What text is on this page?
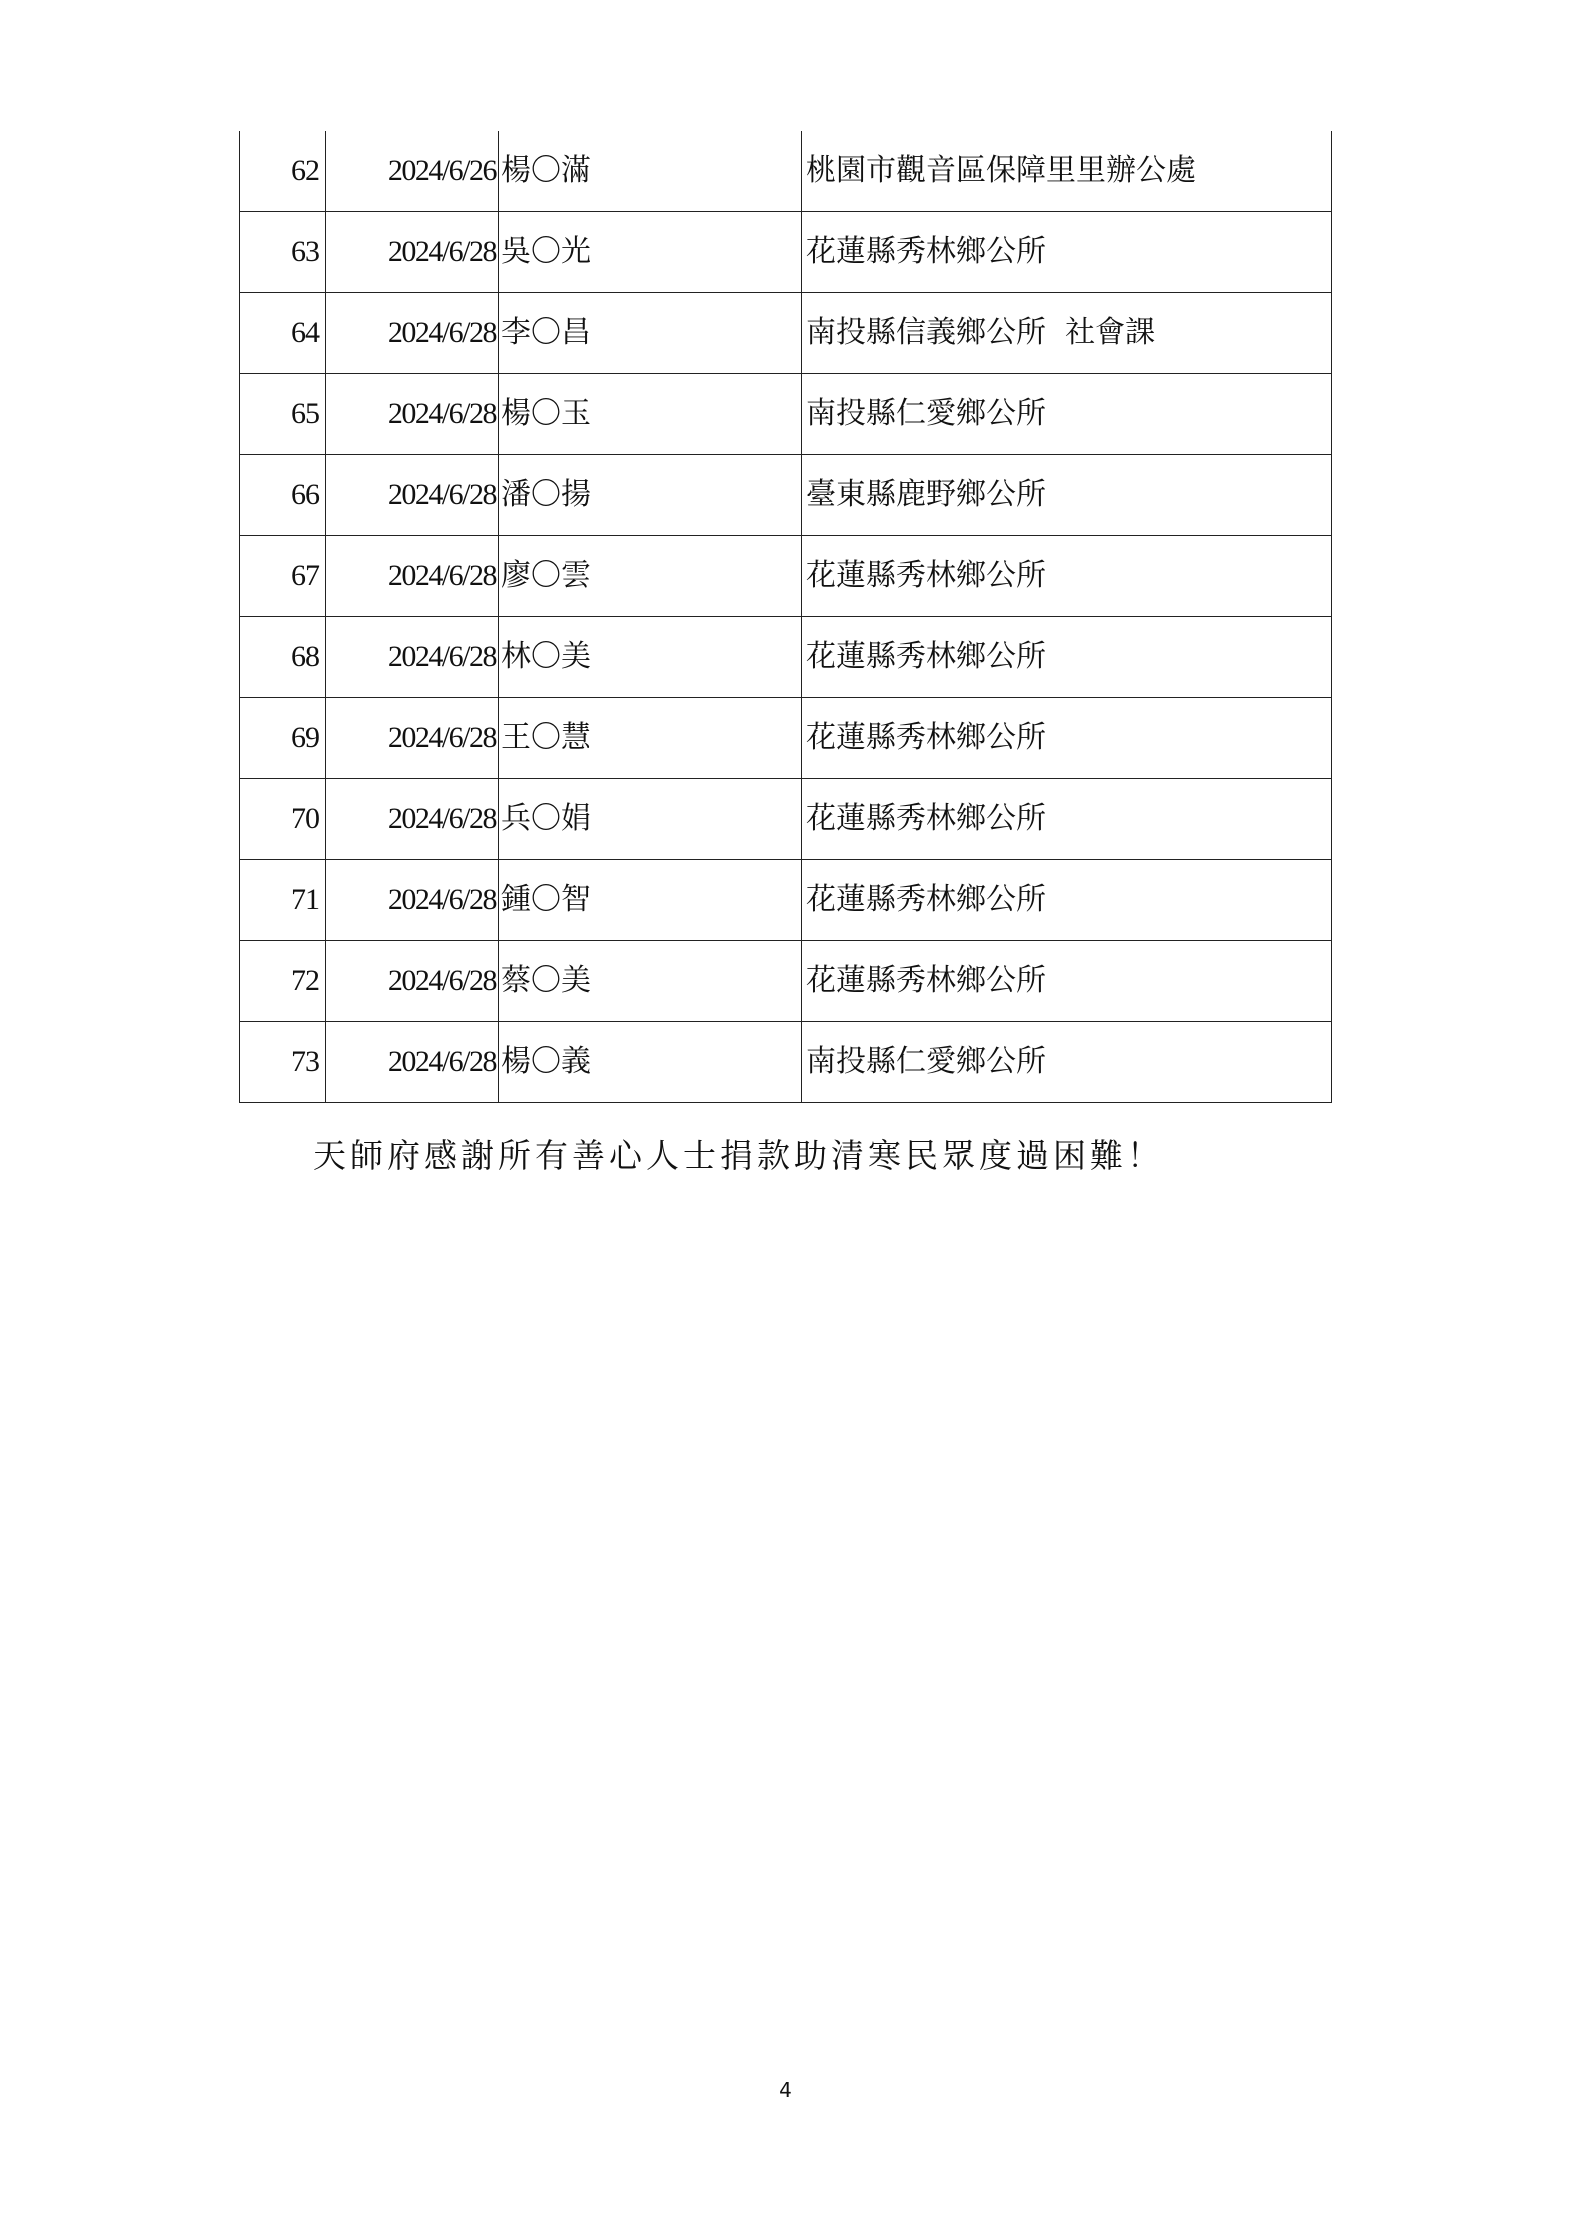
62	2024/6/26	楊〇滿	桃園市觀音區保障里里辦公處
63	2024/6/28	吳〇光	花蓮縣秀林鄉公所
64	2024/6/28	李〇昌	南投縣信義鄉公所  社會課
65	2024/6/28	楊〇玉	南投縣仁愛鄉公所
66	2024/6/28	潘〇揚	臺東縣鹿野鄉公所
67	2024/6/28	廖〇雲	花蓮縣秀林鄉公所
68	2024/6/28	林〇美	花蓮縣秀林鄉公所
69	2024/6/28	王〇慧	花蓮縣秀林鄉公所
70	2024/6/28	兵〇娟	花蓮縣秀林鄉公所
71	2024/6/28	鍾〇智	花蓮縣秀林鄉公所
72	2024/6/28	蔡〇美	花蓮縣秀林鄉公所
73	2024/6/28	楊〇義	南投縣仁愛鄉公所
天師府感謝所有善心人士捐款助清寒民眾度過困難！
4
